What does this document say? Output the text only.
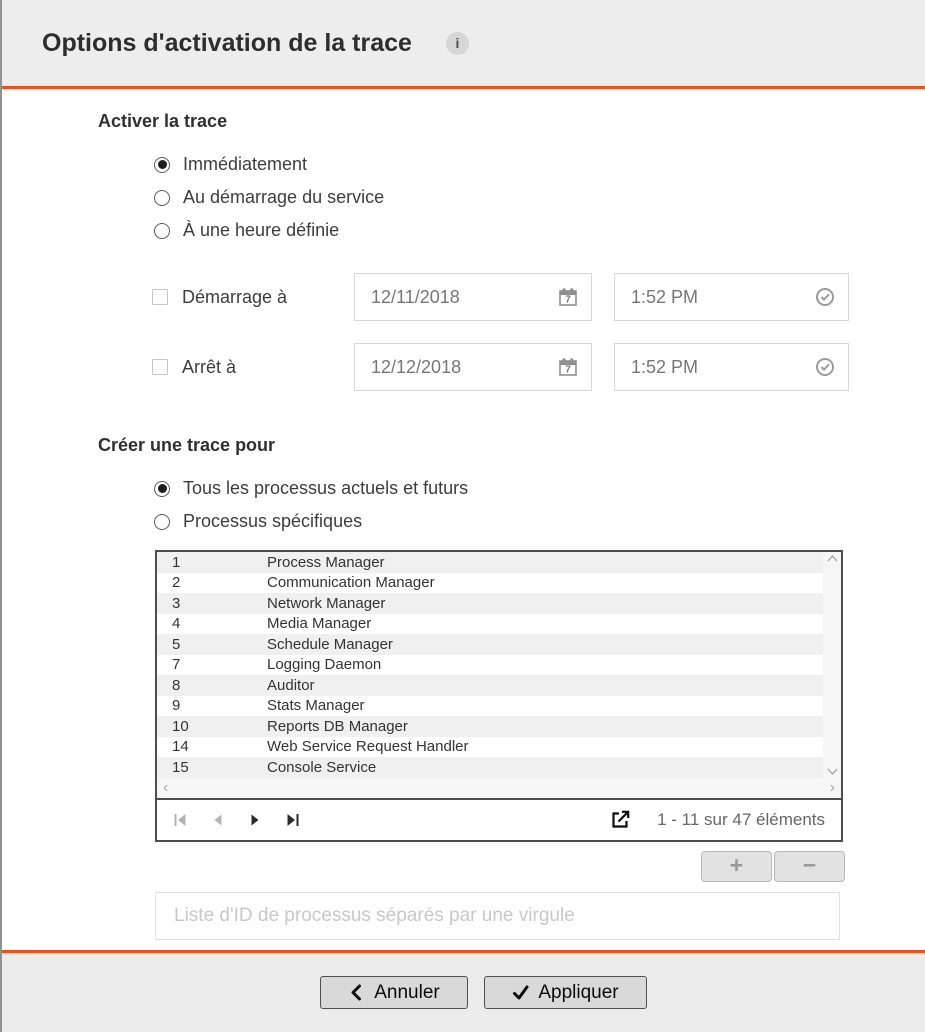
Options d'activation de la trace	i
Activer la trace
Immédiatement
Au démarrage du service
À une heure définie
Démarrage à	12/11/2018	7	1:52 PM
Arrêt à	12/12/2018	7	1:52 PM
Créer une trace pour
Tous les processus actuels et futurs
Processus spécifiques
1	Process Manager
2	Communication Manager
3	Network Manager
4	Media Manager
5	Schedule Manager
7	Logging Daemon
8	Auditor
9	Stats Manager
10	Reports DB Manager
14	Web Service Request Handler
15	Console Service
‹	›
1 - 11 sur 47 éléments
+	−
Liste d'ID de processus séparés par une virgule
Annuler	Appliquer
